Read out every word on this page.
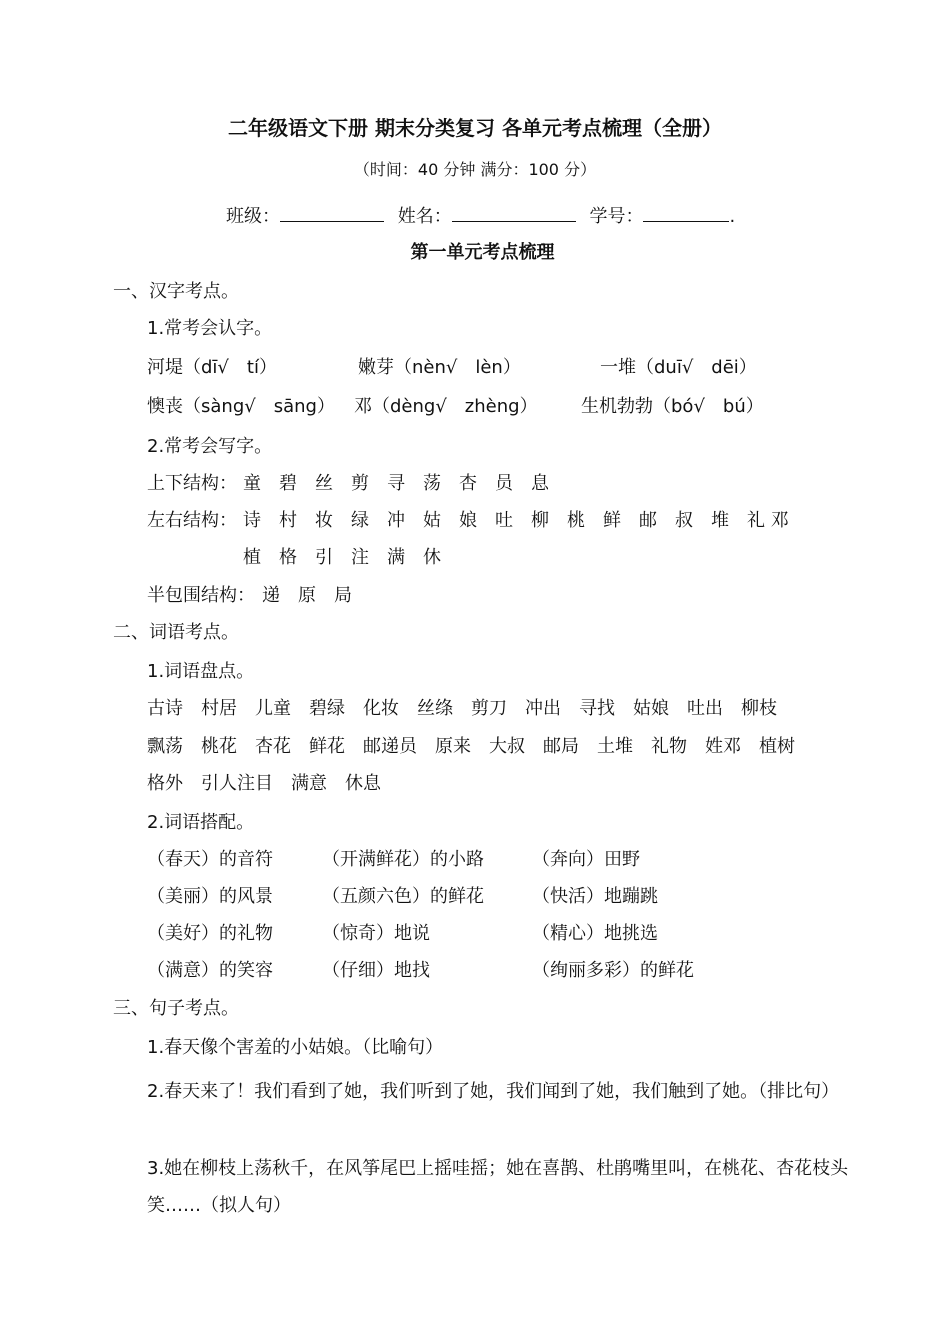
二年级语文下册 期末分类复习 各单元考点梳理（全册）
（时间：40 分钟 满分：100 分）
班级：	姓名：	学号：	.
第一单元考点梳理
一、汉字考点。
1.常考会认字。
河堤（dī√　tí）	嫩芽（nèn√　lèn）	一堆（duī√　dēi）
懊丧（sàng√　sāng） 邓（dèng√　zhèng） 生机勃勃（bó√　bú）
2.常考会写字。
上下结构： 童　碧　丝　剪　寻　荡　杏　员　息
左右结构： 诗　村　妆　绿　冲　姑　娘　吐　柳　桃　鲜　邮　叔　堆　礼 邓
植　格　引　注　满　休
半包围结构： 递　原　局
二、词语考点。
1.词语盘点。
古诗　村居　儿童　碧绿　化妆　丝绦　剪刀　冲出　寻找　姑娘　吐出　柳枝
飘荡　桃花　杏花　鲜花　邮递员　原来　大叔　邮局　土堆　礼物　姓邓　植树
格外　引人注目　满意　休息
2.词语搭配。
（春天）的音符	（开满鲜花）的小路	（奔向）田野
（美丽）的风景	（五颜六色）的鲜花	（快活）地蹦跳
（美好）的礼物	（惊奇）地说	（精心）地挑选
（满意）的笑容	（仔细）地找	（绚丽多彩）的鲜花
三、句子考点。
1.春天像个害羞的小姑娘。（比喻句）
2.春天来了！我们看到了她，我们听到了她，我们闻到了她，我们触到了她。（排比句）
3.她在柳枝上荡秋千，在风筝尾巴上摇哇摇；她在喜鹊、杜鹃嘴里叫，在桃花、杏花枝头笑……（拟人句）
